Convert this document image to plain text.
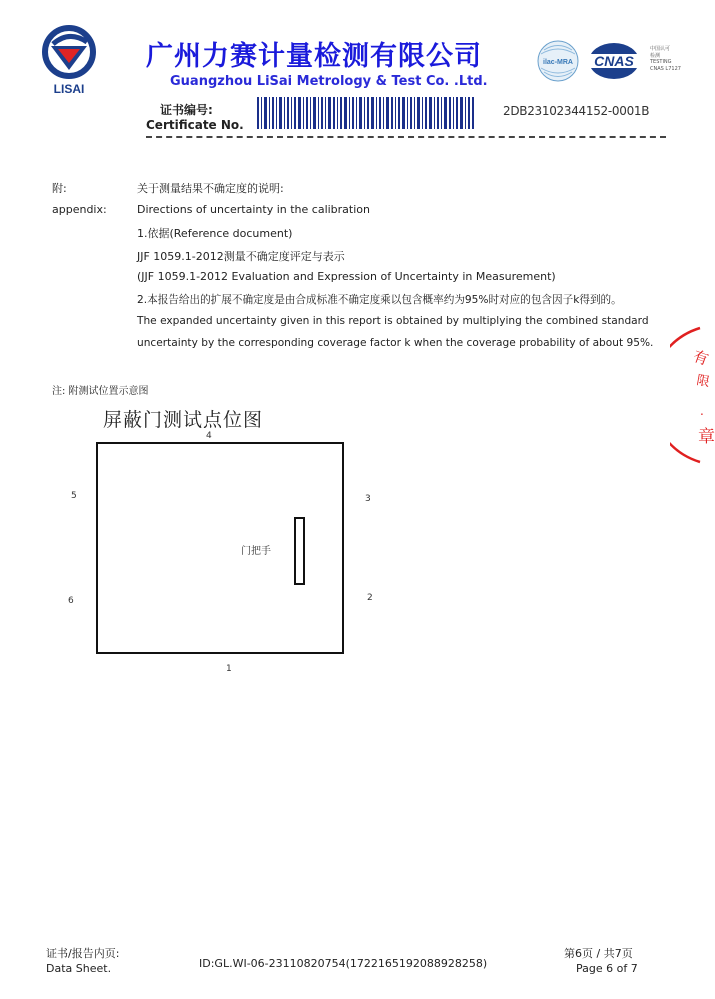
LISAI
广州力赛计量检测有限公司
Guangzhou LiSai Metrology & Test Co. .Ltd.
ilac-MRA CNAS
中国认可
检测
TESTING
CNAS L7127
证书编号:
Certificate No.
2DB23102344152-0001B
附:	关于测量结果不确定度的说明:
appendix:	Directions of uncertainty in the calibration
1.依据(Reference document)
JJF 1059.1-2012测量不确定度评定与表示
(JJF 1059.1-2012 Evaluation and Expression of Uncertainty in Measurement)
2.本报告给出的扩展不确定度是由合成标准不确定度乘以包含概率约为95%时对应的包含因子k得到的。
The expanded uncertainty given in this report is obtained by multiplying the combined standard
uncertainty by the corresponding coverage factor k when the coverage probability of about 95%.
注: 附测试位置示意图
屏蔽门测试点位图
4
门把手
5	3
6	2
1
有
限
.
章
证书/报告内页:
Data Sheet.	ID:GL.WI-06-23110820754(1722165192088928258)
第6页 / 共7页
Page 6 of 7
